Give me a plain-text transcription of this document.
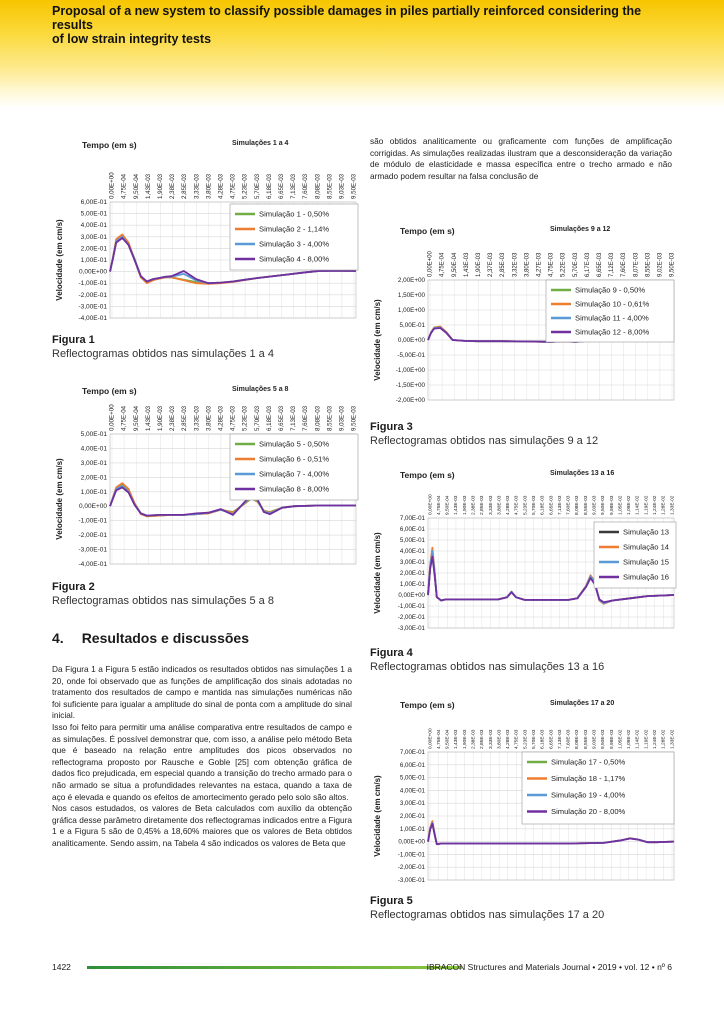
Proposal of a new system to classify possible damages in piles partially reinforced considering the results
of low strain integrity tests
Tempo (em s)	Simulações 1 a 4
0,00E+00 4,75E-04 9,50E-04 1,43E-03 1,90E-03 2,38E-03 2,85E-03 3,33E-03 3,80E-03 4,28E-03 4,75E-03 5,23E-03 5,70E-03 6,18E-03 6,65E-03 7,13E-03 7,60E-03 8,08E-03 8,55E-03 9,03E-03 9,50E-03
6,00E-01
5,00E-01
4,00E-01
3,00E-01
2,00E-01
1,00E-01
0,00E+00
-1,00E-01
-2,00E-01
-3,00E-01
-4,00E-01
Velocidade (em cm/s)
Simulação 1 - 0,50%
Simulação 2 - 1,14%
Simulação 3 - 4,00%
Simulação 4 - 8,00%
Figura 1
Reflectogramas obtidos nas simulações 1 a 4
Tempo (em s)	Simulações 5 a 8
0,00E+00 4,75E-04 9,50E-04 1,43E-03 1,90E-03 2,38E-03 2,85E-03 3,33E-03 3,80E-03 4,28E-03 4,75E-03 5,23E-03 5,70E-03 6,18E-03 6,65E-03 7,13E-03 7,60E-03 8,08E-03 8,55E-03 9,03E-03 9,50E-03
5,00E-01
4,00E-01
3,00E-01
2,00E-01
1,00E-01
0,00E+00
-1,00E-01
-2,00E-01
-3,00E-01
-4,00E-01
Velocidade (em cm/s)
Simulação 5 - 0,50%
Simulação 6 - 0,51%
Simulação 7 - 4,00%
Simulação 8 - 8,00%
Figura 2
Reflectogramas obtidos nas simulações 5 a 8
4. Resultados e discussões

Da Figura 1 a Figura 5 estão indicados os resultados obtidos nas simulações 1 a 20, onde foi observado que as funções de amplificação dos sinais adotadas no tratamento dos resultados de campo e mantida nas simulações numéricas não foi suficiente para igualar a amplitude do sinal de ponta com a amplitude do sinal inicial.

Isso foi feito para permitir uma análise comparativa entre resultados de campo e as simulações. É possível demonstrar que, com isso, a análise pelo método Beta que é baseado na relação entre amplitudes dos picos observados no reflectograma proposto por Rausche e Goble [25] com obtenção gráfica de dados fico prejudicada, em especial quando a transição do trecho armado para o não armado se situa a profundidades relevantes na estaca, quando a taxa de aço é elevada e quando os efeitos de amortecimento gerado pelo solo são altos.

Nos casos estudados, os valores de Beta calculados com auxílio da obtenção gráfica desse parâmetro diretamente dos reflectogramas indicados entre a Figura 1 e a Figura 5 são de 0,45% a 18,60% maiores que os valores de Beta obtidos analiticamente. Sendo assim, na Tabela 4 são indicados os valores de Beta que

são obtidos analiticamente ou graficamente com funções de amplificação corrigidas. As simulações realizadas ilustram que a desconsideração da variação de módulo de elasticidade e massa específica entre o trecho armado e não armado podem resultar na falsa conclusão de

Tempo (em s)	Simulações 9 a 12
0,00E+00 4,75E-04 9,50E-04 1,43E-03 1,90E-03 2,37E-03 2,85E-03 3,32E-03 3,80E-03 4,27E-03 4,75E-03 5,22E-03 5,70E-03 6,17E-03 6,65E-03 7,12E-03 7,60E-03 8,07E-03 8,55E-03 9,02E-03 9,50E-03
2,00E+00
1,50E+00
1,00E+00
5,00E-01
0,00E+00
-5,00E-01
-1,00E+00
-1,50E+00
-2,00E+00
Velocidade (em cm/s)
Simulação 9 - 0,50%
Simulação 10 - 0,61%
Simulação 11 - 4,00%
Simulação 12 - 8,00%
Figura 3
Reflectogramas obtidos nas simulações 9 a 12
Tempo (em s)	Simulações 13 a 16
0,00E+00 4,75E-04 9,50E-04 1,43E-03 1,90E-03 2,38E-03 2,85E-03 3,33E-03 3,80E-03 4,28E-03 4,75E-03 5,23E-03 5,70E-03 6,18E-03 6,65E-03 7,13E-03 7,60E-03 8,08E-03 8,55E-03 9,03E-03 9,50E-03 9,98E-03 1,05E-02 1,09E-02 1,14E-02 1,19E-02 1,24E-02 1,28E-02 1,33E-02
7,00E-01
6,00E-01
5,00E-01
4,00E-01
3,00E-01
2,00E-01
1,00E-01
0,00E+00
-1,00E-01
-2,00E-01
-3,00E-01
Velocidade (em cm/s)
Simulação 13
Simulação 14
Simulação 15
Simulação 16
Figura 4
Reflectogramas obtidos nas simulações 13 a 16
Tempo (em s)	Simulações 17 a 20
0,00E+00 4,75E-04 9,50E-04 1,43E-03 1,90E-03 2,38E-03 2,85E-03 3,33E-03 3,80E-03 4,28E-03 4,75E-03 5,23E-03 5,70E-03 6,18E-03 6,65E-03 7,13E-03 7,60E-03 8,08E-03 8,55E-03 9,03E-03 9,50E-03 9,98E-03 1,05E-02 1,09E-02 1,14E-02 1,19E-02 1,24E-02 1,28E-02 1,33E-02
7,00E-01
6,00E-01
5,00E-01
4,00E-01
3,00E-01
2,00E-01
1,00E-01
0,00E+00
-1,00E-01
-2,00E-01
-3,00E-01
Velocidade (em cm/s)
Simulação 17 - 0,50%
Simulação 18 - 1,17%
Simulação 19 - 4,00%
Simulação 20 - 8,00%
Figura 5
Reflectogramas obtidos nas simulações 17 a 20
1422	IBRACON Structures and Materials Journal • 2019 • vol. 12 • nº 6
